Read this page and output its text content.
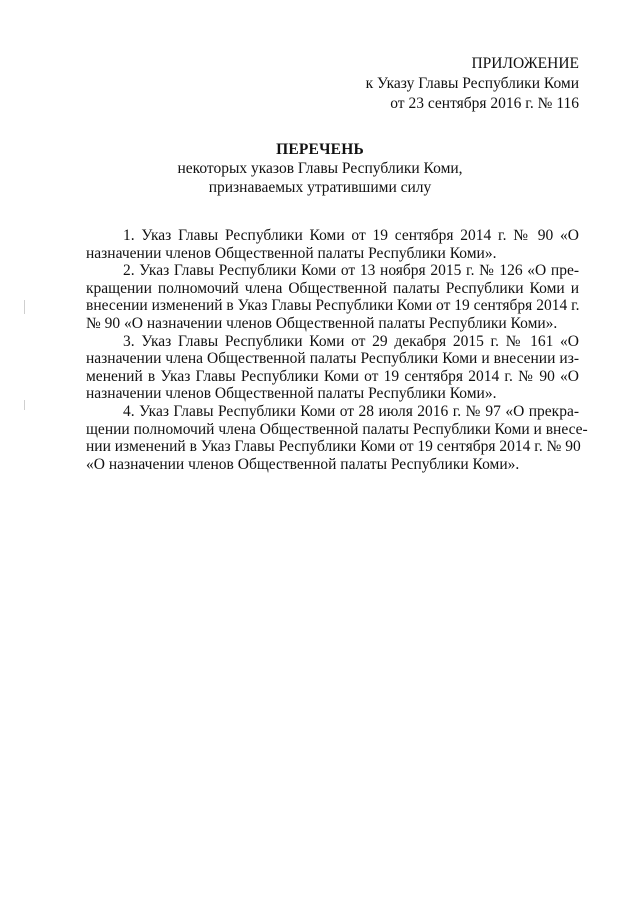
ПРИЛОЖЕНИЕ
к Указу Главы Республики Коми
от 23 сентября 2016 г. № 116
ПЕРЕЧЕНЬ
некоторых указов Главы Республики Коми,
признаваемых утратившими силу

1. Указ Главы Республики Коми от 19 сентября 2014 г. № 90 «О
назначении членов Общественной палаты Республики Коми».

2. Указ Главы Республики Коми от 13 ноября 2015 г. № 126 «О пре-
кращении полномочий члена Общественной палаты Республики Коми и
внесении изменений в Указ Главы Республики Коми от 19 сентября 2014 г.
№ 90 «О назначении членов Общественной палаты Республики Коми».

3. Указ Главы Республики Коми от 29 декабря 2015 г. № 161 «О
назначении члена Общественной палаты Республики Коми и внесении из-
менений в Указ Главы Республики Коми от 19 сентября 2014 г. № 90 «О
назначении членов Общественной палаты Республики Коми».

4. Указ Главы Республики Коми от 28 июля 2016 г. № 97 «О прекра-
щении полномочий члена Общественной палаты Республики Коми и внесе-
нии изменений в Указ Главы Республики Коми от 19 сентября 2014 г. № 90
«О назначении членов Общественной палаты Республики Коми».
